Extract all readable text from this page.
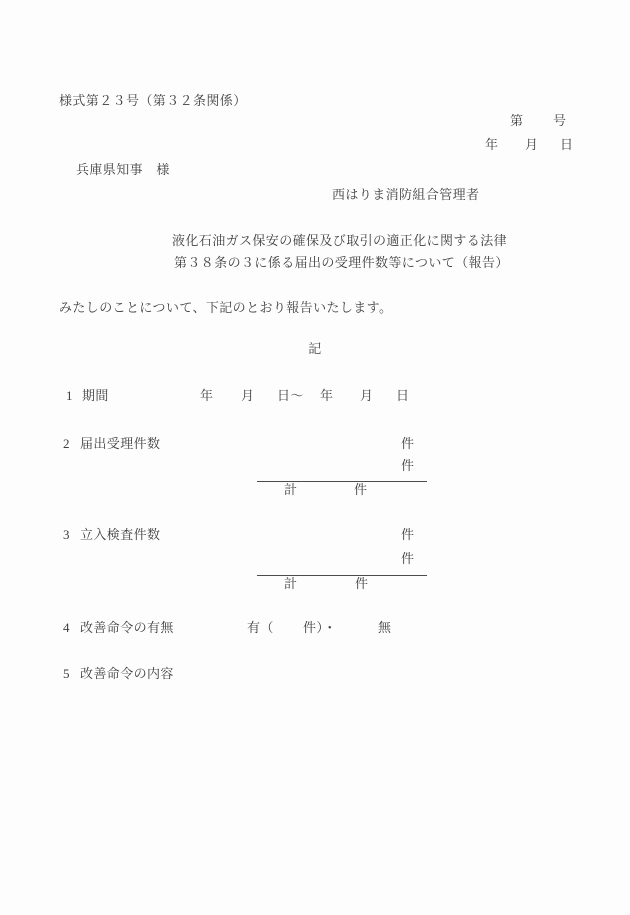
様式第２３号（第３２条関係）
第 号
年 月 日
兵庫県知事　様
西はりま消防組合管理者
液化石油ガス保安の確保及び取引の適正化に関する法律
第３８条の３に係る届出の受理件数等について（報告）
みたしのことについて、下記のとおり報告いたします。
記
1 期間	年 月 日～ 年 月 日
2 届出受理件数	件
件
計	件
3 立入検査件数	件
件
計	件
4 改善命令の有無	有（ 件）・	無
5 改善命令の内容
